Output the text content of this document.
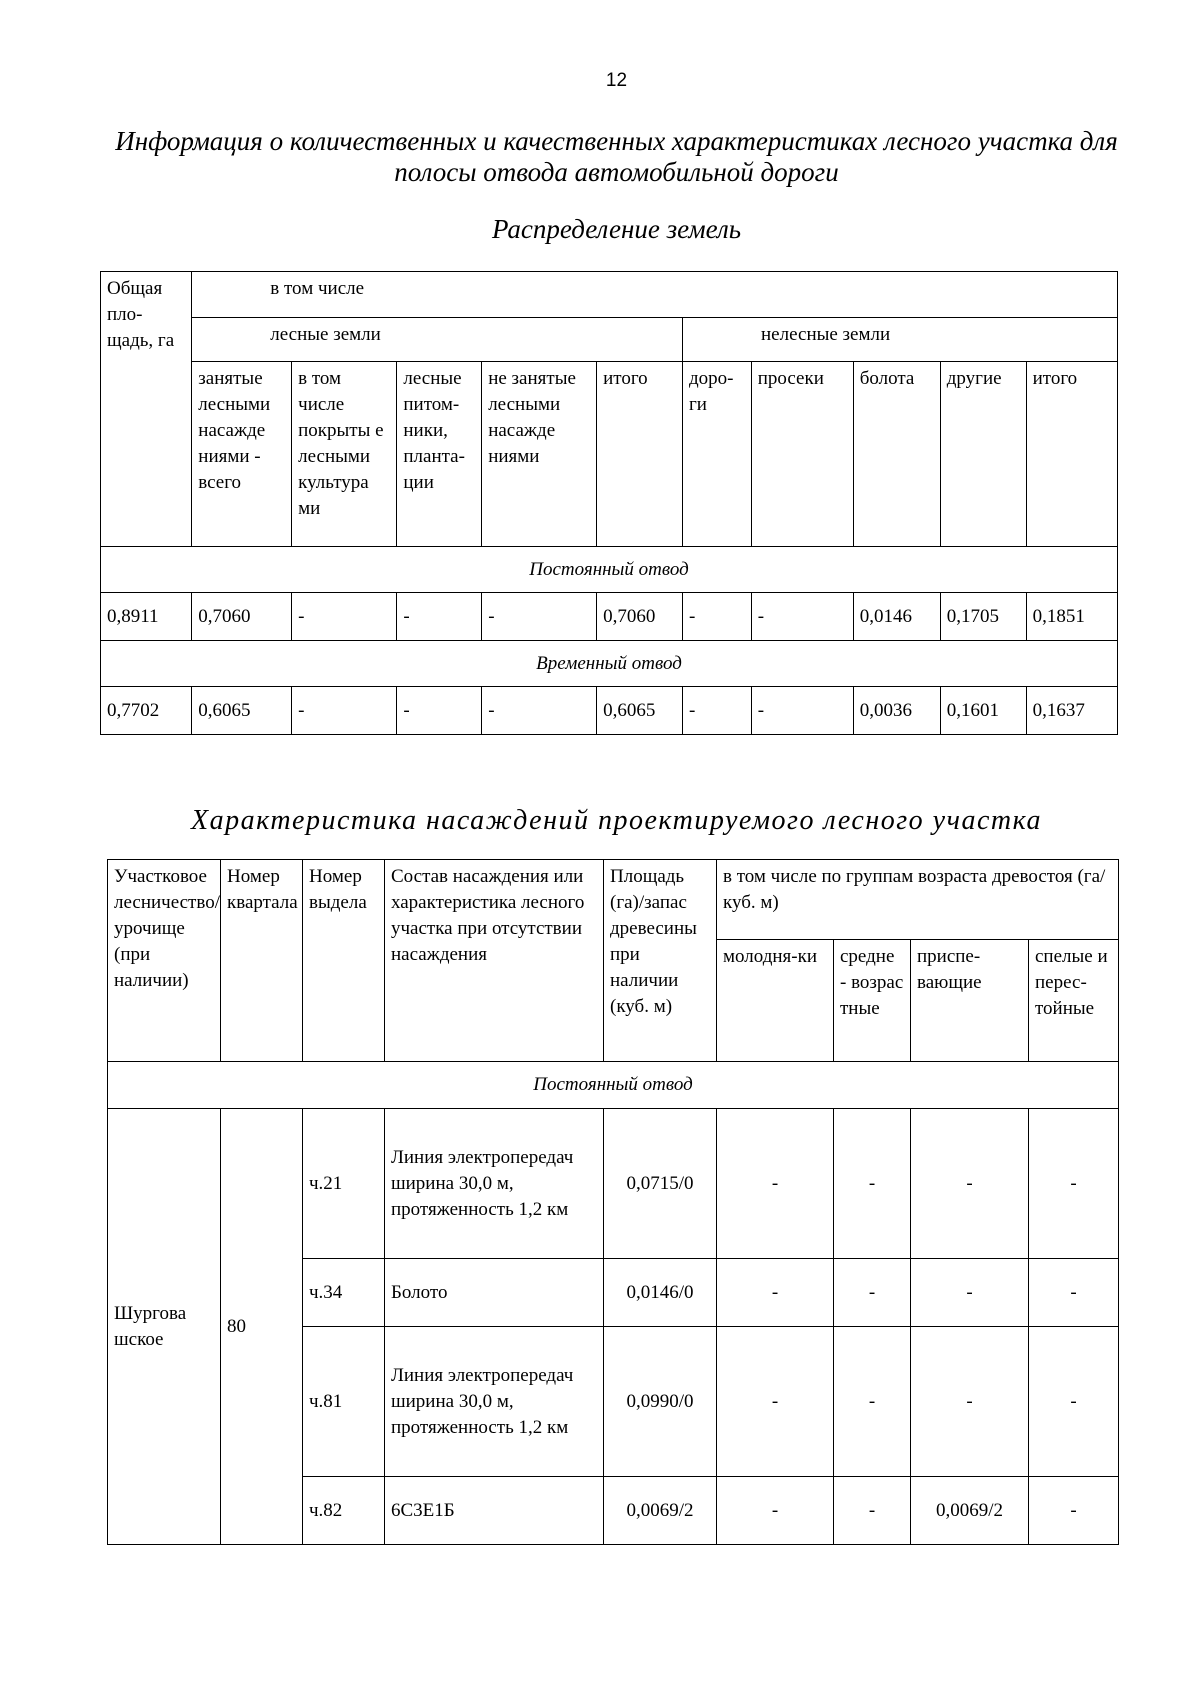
12
Информация о количественных и качественных характеристиках лесного участка для полосы отвода автомобильной дороги
Распределение земель
Общая пло-щадь, га	в том числе									
	лесные земли					нелесные земли				
	занятые лесными насажде ниями - всего	в том числе покрыты е лесными культура ми	лесные питом-ники, планта-ции	не занятые лесными насажде ниями	итого	доро-ги	просеки	болота	другие	итого
Постоянный отвод										
0,8911	0,7060	-	-	-	0,7060	-	-	0,0146	0,1705	0,1851
Временный отвод										
0,7702	0,6065	-	-	-	0,6065	-	-	0,0036	0,1601	0,1637
Характеристика насаждений проектируемого лесного участка
Участковое лесничество/ урочище (при наличии)	Номер квартала	Номер выдела	Состав насаждения или характеристика лесного участка при отсутствии насаждения	Площадь (га)/запас древесины при наличии (куб. м)	в том числе по группам возраста древостоя (га/куб. м)			
					молодня-ки	средне - возрас тные	приспе-вающие	спелые и перес-тойные
Постоянный отвод								
Шургова шское	80	ч.21	Линия электропередач ширина 30,0 м, протяженность 1,2 км	0,0715/0	-	-	-	-
		ч.34	Болото	0,0146/0	-	-	-	-
		ч.81	Линия электропередач ширина 30,0 м, протяженность 1,2 км	0,0990/0	-	-	-	-
		ч.82	6С3Е1Б	0,0069/2	-	-	0,0069/2	-
